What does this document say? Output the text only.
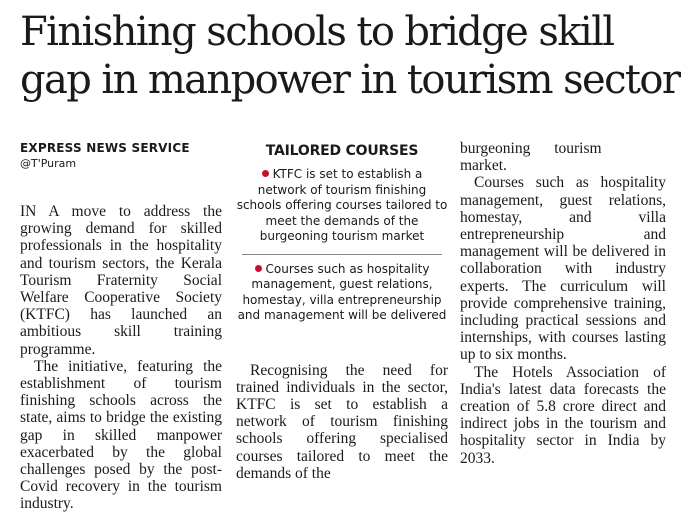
Finishing schools to bridge skill
gap in manpower in tourism sector
EXPRESS NEWS SERVICE
@T'Puram

IN A move to address the growing demand for skilled professionals in the hospitality and tourism sectors, the Kerala Tourism Fraternity Social Welfare Cooperative Society (KTFC) has launched an ambitious skill training programme.

The initiative, featuring the establishment of tourism finishing schools across the state, aims to bridge the existing gap in skilled manpower exacerbated by the global challenges posed by the post-Covid recovery in the tourism industry.

TAILORED COURSES
KTFC is set to establish a network of tourism finishing schools offering courses tailored to meet the demands of the burgeoning tourism market
Courses such as hospitality management, guest relations, homestay, villa entrepreneurship and management will be delivered

Recognising the need for trained individuals in the sector, KTFC is set to establish a network of tourism finishing schools offering specialised courses tailored to meet the demands of the

burgeoning tourism market.

Courses such as hospitality management, guest relations, homestay, and villa entrepreneurship and management will be delivered in collaboration with industry experts. The curriculum will provide comprehensive training, including practical sessions and internships, with courses lasting up to six months.

The Hotels Association of India's latest data forecasts the creation of 5.8 crore direct and indirect jobs in the tourism and hospitality sector in India by 2033.
